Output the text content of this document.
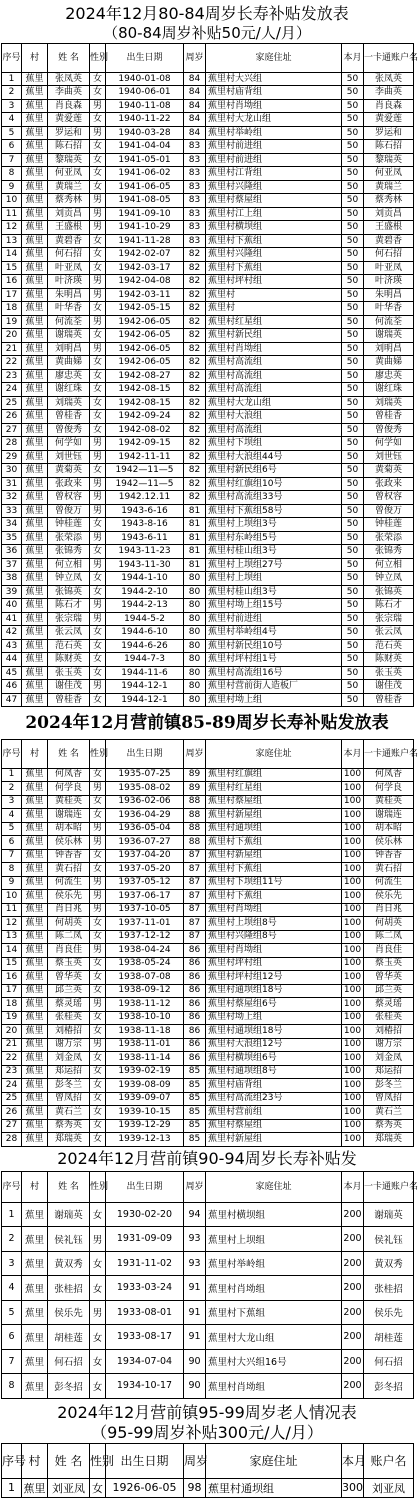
2024年12月80-84周岁长寿补贴发放表
（80-84周岁补贴50元/人/月）
序号	村	姓 名	性别	出生日期	周岁	家庭住址	本月	一卡通账户名
1	蕉里	张凤英	女	1940-01-08	84	蕉里村大兴组	50	张凤英
2	蕉里	李曲英	女	1940-06-01	84	蕉里村庙背组	50	李曲英
3	蕉里	肖良森	男	1940-11-08	84	蕉里村肖坳组	50	肖良森
4	蕉里	黄爱莲	女	1940-11-22	84	蕉里村大龙山组	50	黄爱莲
5	蕉里	罗运和	男	1940-03-28	84	蕉里村举岭组	50	罗运和
6	蕉里	陈石招	女	1941-04-04	83	蕉里村前进组	50	陈石招
7	蕉里	黎瑞英	女	1941-05-01	83	蕉里村前进组	50	黎瑞英
8	蕉里	何亚凤	女	1941-06-02	83	蕉里村江背组	50	何亚凤
9	蕉里	黄瑞兰	女	1941-06-05	83	蕉里村兴隆组	50	黄瑞兰
10	蕉里	蔡秀林	男	1941-08-05	83	蕉里村蔡屋组	50	蔡秀林
11	蕉里	刘贡昌	男	1941-09-10	83	蕉里村江上组	50	刘贡昌
12	蕉里	王盛根	男	1941-10-29	83	蕉里村横坝组	50	王盛根
13	蕉里	黄碧香	女	1941-11-28	83	蕉里村下蕉组	50	黄碧香
14	蕉里	何石招	女	1942-02-07	82	蕉里村兴隆组	50	何石招
15	蕉里	叶亚凤	女	1942-03-17	82	蕉里村下蕉组	50	叶亚凤
16	蕉里	叶济瑛	男	1942-04-08	82	蕉里村坪村组	50	叶济瑛
17	蕉里	朱明昌	男	1942-03-11	82	蕉里村	50	朱明昌
18	蕉里	叶华香	女	1942-05-15	82	蕉里村	50	叶华香
19	蕉里	何流荃	男	1942-06-05	82	蕉里村红星组	50	何流荃
20	蕉里	谢瑞英	女	1942-06-05	82	蕉里村新民组	50	谢瑞英
21	蕉里	刘明昌	男	1942-06-05	82	蕉里村肖坳组	50	刘明昌
22	蕉里	黄曲娣	女	1942-06-05	82	蕉里村高流组	50	黄曲娣
23	蕉里	廖忠英	女	1942-08-27	82	蕉里村高流组	50	廖忠英
24	蕉里	谢红珠	女	1942-08-15	82	蕉里村高流组	50	谢红珠
25	蕉里	刘瑞英	女	1942-08-15	82	蕉里村大龙山组	50	刘瑞英
26	蕉里	曾桂香	女	1942-09-24	82	蕉里村大浪组	50	曾桂香
27	蕉里	曾俊秀	女	1942-08-02	82	蕉里村高流组	50	曾俊秀
28	蕉里	何学如	男	1942-09-15	82	蕉里村下坝组	50	何学如
29	蕉里	刘世钰	男	1942-11-11	82	蕉里村大浪组44号	50	刘世钰
30	蕉里	黄菊英	女	1942—11—5	82	蕉里村新民组6号	50	黄菊英
31	蕉里	张政来	男	1942—11—5	82	蕉里村红旗组10号	50	张政来
32	蕉里	曾权容	男	1942.12.11	82	蕉里村高流组33号	50	曾权容
33	蕉里	曾俊万	男	1943-6-16	81	蕉里村下蕉组58号	50	曾俊万
34	蕉里	钟桂莲	女	1943-8-16	81	蕉里村上坝组3号	50	钟桂莲
35	蕉里	张荣添	男	1943-6-11	81	蕉里村东岭组5号	50	张荣添
36	蕉里	张锦秀	女	1943-11-23	81	蕉里村桂山组3号	50	张锦秀
37	蕉里	何立相	男	1943-11-30	81	蕉里村上坝组27号	50	何立相
38	蕉里	钟立凤	女	1944-1-10	80	蕉里村上坝组	50	钟立凤
39	蕉里	张锦英	女	1944-2-10	80	蕉里村桂山组3号	50	张锦英
40	蕉里	陈石才	男	1944-2-13	80	蕉里村坳上组15号	50	陈石才
41	蕉里	张宗瑞	男	1944-5-2	80	蕉里村前进组	50	张宗瑞
42	蕉里	张云凤	女	1944-6-10	80	蕉里村举岭组4号	50	张云凤
43	蕉里	范石英	女	1944-6-26	80	蕉里村新民组10号	50	范石英
44	蕉里	陈财英	女	1944-7-3	80	蕉里村坪村组1号	50	陈财英
45	蕉里	张玉英	女	1944-11-6	80	蕉里村高流组16号	50	张玉英
46	蕉里	谢佳茂	男	1944-12-1	80	蕉里村营前街人造板厂	50	谢佳茂
47	蕉里	曾桂香	女	1944-12-1	80	蕉里村坳上组	50	曾桂香
2024年12月营前镇85-89周岁长寿补贴发放表
序号	村	姓 名	性别	出生日期	周岁	家庭住址	本月	一卡通账户名
1	蕉里	何凤香	女	1935-07-25	89	蕉里村红旗组	100	何凤香
2	蕉里	何学良	男	1935-08-02	89	蕉里村红星组	100	何学良
3	蕉里	黄桂英	女	1936-02-06	88	蕉里村蔡屋组	100	黄桂英
4	蕉里	谢瑞连	女	1936-04-29	88	蕉里村新屋组	100	谢瑞连
5	蕉里	胡本昭	男	1936-05-04	88	蕉里村通坝组	100	胡本昭
6	蕉里	侯乐林	男	1936-07-27	88	蕉里村下蕉组	100	侯乐林
7	蕉里	钟香香	女	1937-04-20	87	蕉里村新屋组	100	钟香香
8	蕉里	黄石招	女	1937-05-20	87	蕉里村下蕉组	100	黄石招
9	蕉里	何流生	男	1937-05-12	87	蕉里村下坝组11号	100	何流生
10	蕉里	侯乐先	男	1937-06-17	87	蕉里村下蕉组	100	侯乐先
11	蕉里	肖日兆	男	1937-10-05	87	蕉里村肖坳组	100	肖日兆
12	蕉里	何胡英	女	1937-11-01	87	蕉里村上坝组8号	100	何胡英
13	蕉里	陈二凤	女	1937-12-12	87	蕉里村兴隆组8号	100	陈二凤
14	蕉里	肖良佳	男	1938-04-24	86	蕉里村肖坳组	100	肖良佳
15	蕉里	蔡玉英	女	1938-05-24	86	蕉里村坪村组	100	蔡玉英
16	蕉里	曾华英	女	1938-07-08	86	蕉里村坪村组12号	100	曾华英
17	蕉里	邱兰英	女	1938-09-12	86	蕉里村通坝组18号	100	邱兰英
18	蕉里	蔡灵瑶	男	1938-11-12	86	蕉里村蔡屋组6号	100	蔡灵瑶
19	蕉里	张桂英	女	1938-10-10	86	蕉里村坳上组	100	张桂英
20	蕉里	刘椿招	女	1938-11-18	86	蕉里村通坝组18号	100	刘椿招
21	蕉里	谢万宗	男	1938-11-01	86	蕉里村大浪组12号	100	谢万宗
22	蕉里	刘金凤	女	1938-11-14	86	蕉里村横坝组6号	100	刘金凤
23	蕉里	郑运招	女	1939-02-19	85	蕉里村通坝组8号	100	郑运招
24	蕉里	彭冬兰	女	1939-08-09	85	蕉里村庙背组	100	彭冬兰
25	蕉里	曾凤招	女	1939-09-07	85	蕉里村高流组23号	100	曾凤招
26	蕉里	黄石兰	女	1939-10-15	85	蕉里村营前组	100	黄石兰
27	蕉里	蔡秀英	女	1939-12-29	85	蕉里村蔡屋组	100	蔡秀英
28	蕉里	郑瑞英	女	1939-12-13	85	蕉里村新屋组	100	郑瑞英
2024年12月营前镇90-94周岁长寿补贴发
序号	村	姓 名	性别	出生日期	周岁	家庭住址	本月	一卡通账户名
1	蕉里	谢瑞英	女	1930-02-20	94	蕉里村横坝组	200	谢瑞英
2	蕉里	侯礼钰	男	1931-09-09	93	蕉里村上坝组	200	侯礼钰
3	蕉里	黄双秀	女	1931-11-02	93	蕉里村举岭组	200	黄双秀
4	蕉里	张桂招	女	1933-03-24	91	蕉里村肖坳组	200	张桂招
5	蕉里	侯乐先	男	1933-08-01	91	蕉里村下蕉组	200	侯乐先
6	蕉里	胡桂莲	女	1933-08-17	91	蕉里村大龙山组	200	胡桂莲
7	蕉里	何石招	女	1934-07-04	90	蕉里村大兴组16号	200	何石招
8	蕉里	彭冬招	女	1934-10-17	90	蕉里村肖坳组	200	彭冬招
2024年12月营前镇95-99周岁老人情况表
（95-99周岁补贴300元/人/月）
序号	村	姓 名	性别	出生日期	周岁	家庭住址	本月	账户名
1	蕉里	刘亚凤	女	1926-06-05	98	蕉里村通坝组	300	刘亚凤
